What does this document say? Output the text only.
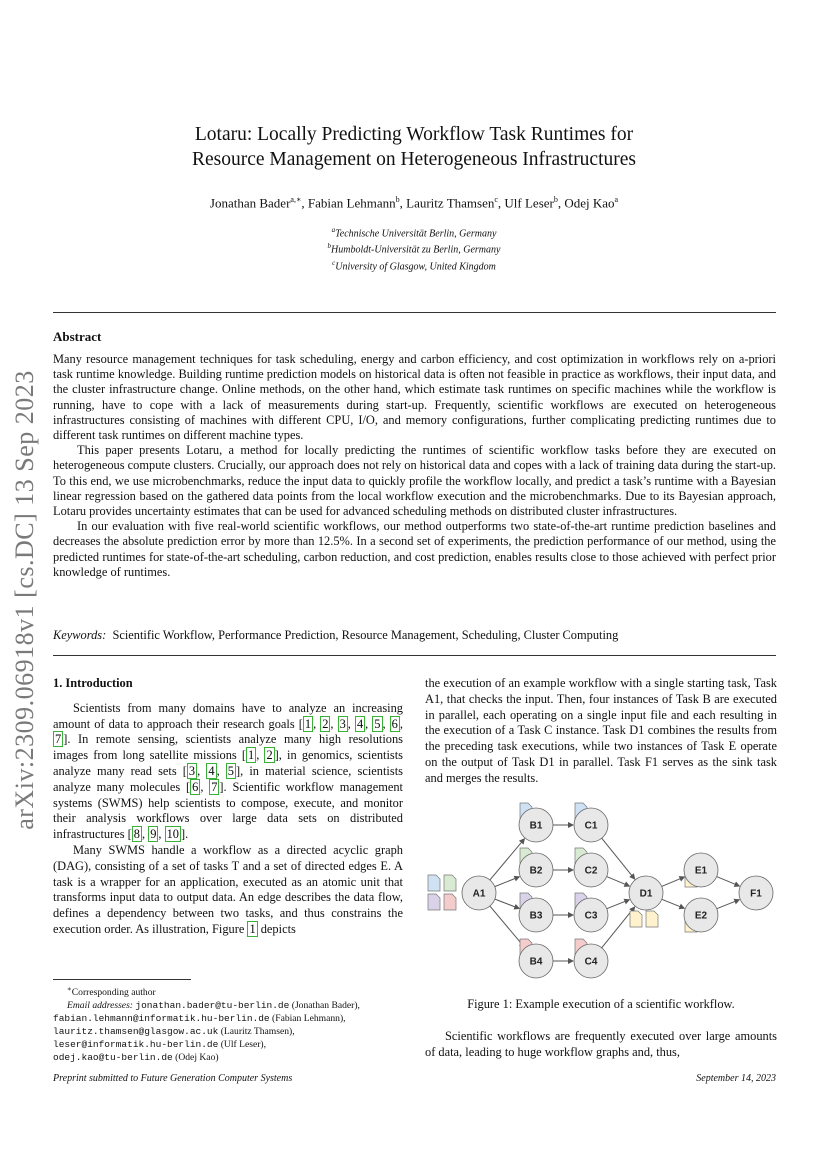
arXiv:2309.06918v1 [cs.DC] 13 Sep 2023
Lotaru: Locally Predicting Workflow Task Runtimes for
Resource Management on Heterogeneous Infrastructures
Jonathan Bader$^{a,∗}$, Fabian Lehmann$^b$, Lauritz Thamsen$^c$, Ulf Leser$^b$, Odej Kao$^a$
$^a$Technische Universität Berlin, Germany
$^b$Humboldt-Universität zu Berlin, Germany
$^c$University of Glasgow, United Kingdom
Abstract

Many resource management techniques for task scheduling, energy and carbon efficiency, and cost optimization in workflows rely on a-priori task runtime knowledge. Building runtime prediction models on historical data is often not feasible in practice as workflows, their input data, and the cluster infrastructure change. Online methods, on the other hand, which estimate task runtimes on specific machines while the workflow is running, have to cope with a lack of measurements during start-up. Frequently, scientific workflows are executed on heterogeneous infrastructures consisting of machines with different CPU, I/O, and memory configurations, further complicating predicting runtimes due to different task runtimes on different machine types.

This paper presents Lotaru, a method for locally predicting the runtimes of scientific workflow tasks before they are executed on heterogeneous compute clusters. Crucially, our approach does not rely on historical data and copes with a lack of training data during the start-up. To this end, we use microbenchmarks, reduce the input data to quickly profile the workflow locally, and predict a task’s runtime with a Bayesian linear regression based on the gathered data points from the local workflow execution and the microbenchmarks. Due to its Bayesian approach, Lotaru provides uncertainty estimates that can be used for advanced scheduling methods on distributed cluster infrastructures.

In our evaluation with five real-world scientific workflows, our method outperforms two state-of-the-art runtime prediction baselines and decreases the absolute prediction error by more than 12.5%. In a second set of experiments, the prediction performance of our method, using the predicted runtimes for state-of-the-art scheduling, carbon reduction, and cost prediction, enables results close to those achieved with perfect prior knowledge of runtimes.

Keywords: Scientific Workflow, Performance Prediction, Resource Management, Scheduling, Cluster Computing
1. Introduction

Scientists from many domains have to analyze an increasing amount of data to approach their research goals [ 1 , 2 , 3 , 4 , 5 , 6 , 7 ]. In remote sensing, scientists analyze many high resolutions images from long satellite missions [ 1 , 2 ], in genomics, scientists analyze many read sets [ 3 , 4 , 5 ], in material science, scientists analyze many molecules [ 6 , 7 ]. Scientific workflow management systems (SWMS) help scientists to compose, execute, and monitor their analysis workflows over large data sets on distributed infrastructures [ 8 , 9 , 10 ].

Many SWMS handle a workflow as a directed acyclic graph (DAG), consisting of a set of tasks T and a set of directed edges E. A task is a wrapper for an application, executed as an atomic unit that transforms input data to output data. An edge describes the data flow, defines a dependency between two tasks, and thus constrains the execution order. As illustration, Figure 1 depicts

the execution of an example workflow with a single starting task, Task A1, that checks the input. Then, four instances of Task B are executed in parallel, each operating on a single input file and each resulting in the execution of a Task C instance. Task D1 combines the results from the preceding task executions, while two instances of Task E operate on the output of Task D1 in parallel. Task F1 serves as the sink task and merges the results.

A1
B1
B2
B3
B4
C1
C2
C3
C4
D1
E1
E2
F1
Figure 1: Example execution of a scientific workflow.

Scientific workflows are frequently executed over large amounts of data, leading to huge workflow graphs and, thus,

∗Corresponding author
Email addresses: jonathan.bader@tu-berlin.de (Jonathan Bader),
fabian.lehmann@informatik.hu-berlin.de (Fabian Lehmann),
lauritz.thamsen@glasgow.ac.uk (Lauritz Thamsen),
leser@informatik.hu-berlin.de (Ulf Leser),
odej.kao@tu-berlin.de (Odej Kao)
Preprint submitted to Future Generation Computer Systems	September 14, 2023
